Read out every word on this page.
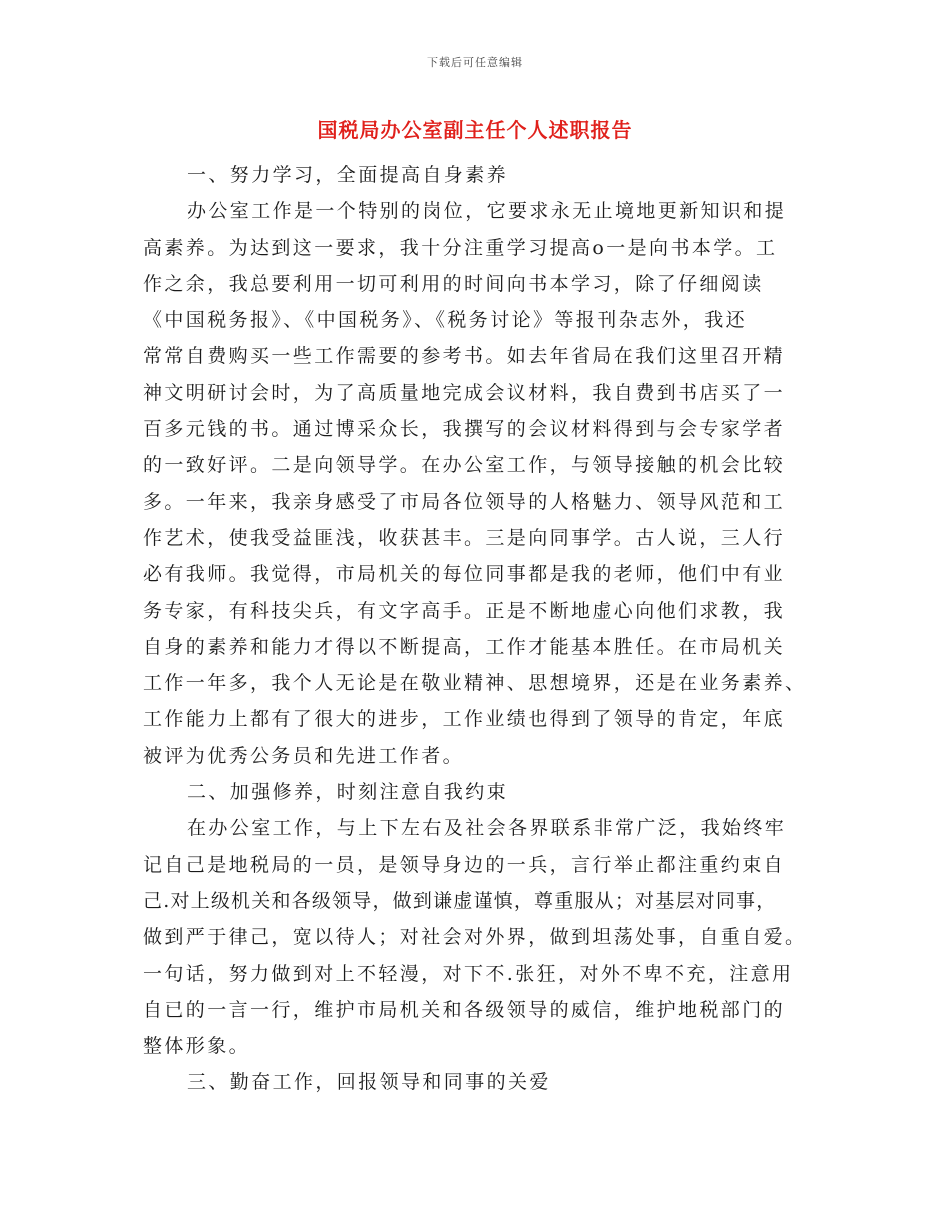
下载后可任意编辑
国税局办公室副主任个人述职报告
一、努力学习，全面提高自身素养
办公室工作是一个特别的岗位，它要求永无止境地更新知识和提
高素养。为达到这一要求，我十分注重学习提高o一是向书本学。工
作之余，我总要利用一切可利用的时间向书本学习，除了仔细阅读
《中国税务报》、《中国税务》、《税务讨论》等报刊杂志外，我还
常常自费购买一些工作需要的参考书。如去年省局在我们这里召开精
神文明研讨会时，为了高质量地完成会议材料，我自费到书店买了一
百多元钱的书。通过博采众长，我撰写的会议材料得到与会专家学者
的一致好评。二是向领导学。在办公室工作，与领导接触的机会比较
多。一年来，我亲身感受了市局各位领导的人格魅力、领导风范和工
作艺术，使我受益匪浅，收获甚丰。三是向同事学。古人说，三人行
必有我师。我觉得，市局机关的每位同事都是我的老师，他们中有业
务专家，有科技尖兵，有文字高手。正是不断地虚心向他们求教，我
自身的素养和能力才得以不断提高，工作才能基本胜任。在市局机关
工作一年多，我个人无论是在敬业精神、思想境界，还是在业务素养、
工作能力上都有了很大的进步，工作业绩也得到了领导的肯定，年底
被评为优秀公务员和先进工作者。
二、加强修养，时刻注意自我约束
在办公室工作，与上下左右及社会各界联系非常广泛，我始终牢
记自己是地税局的一员，是领导身边的一兵，言行举止都注重约束自
己.对上级机关和各级领导，做到谦虚谨慎，尊重服从；对基层对同事，
做到严于律己，宽以待人；对社会对外界，做到坦荡处事，自重自爱。
一句话，努力做到对上不轻漫，对下不.张狂，对外不卑不充，注意用
自已的一言一行，维护市局机关和各级领导的威信，维护地税部门的
整体形象。
三、勤奋工作，回报领导和同事的关爱
